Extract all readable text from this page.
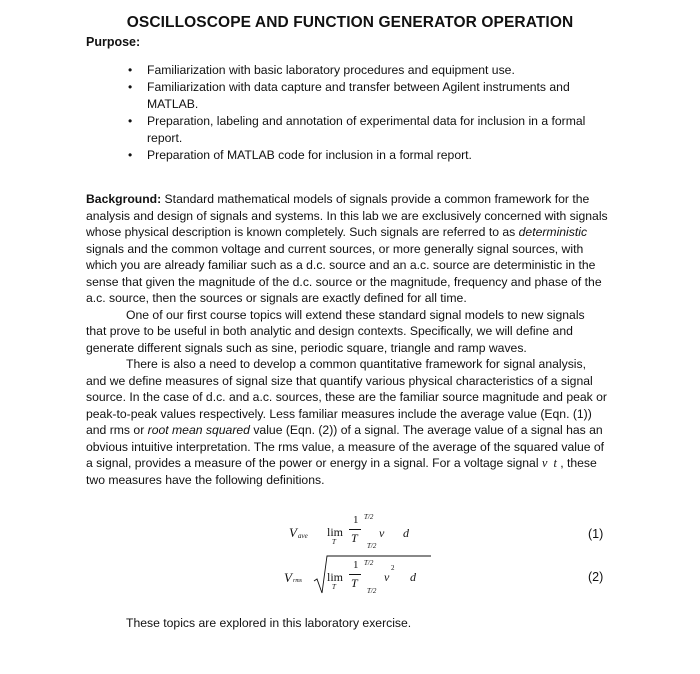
OSCILLOSCOPE AND FUNCTION GENERATOR OPERATION
Purpose:
• Familiarization with basic laboratory procedures and equipment use.
• Familiarization with data capture and transfer between Agilent instruments and MATLAB.
• Preparation, labeling and annotation of experimental data for inclusion in a formal report.
• Preparation of MATLAB code for inclusion in a formal report.

Background: Standard mathematical models of signals provide a common framework for the analysis and design of signals and systems. In this lab we are exclusively concerned with signals whose physical description is known completely. Such signals are referred to as deterministic signals and the common voltage and current sources, or more generally signal sources, with which you are already familiar such as a d.c. source and an a.c. source are deterministic in the sense that given the magnitude of the d.c. source or the magnitude, frequency and phase of the a.c. source, then the sources or signals are exactly defined for all time.

One of our first course topics will extend these standard signal models to new signals that prove to be useful in both analytic and design contexts. Specifically, we will define and generate different signals such as sine, periodic square, triangle and ramp waves.

There is also a need to develop a common quantitative framework for signal analysis, and we define measures of signal size that quantify various physical characteristics of a signal source. In the case of d.c. and a.c. sources, these are the familiar source magnitude and peak or peak-to-peak values respectively. Less familiar measures include the average value (Eqn. (1)) and rms or root mean squared value (Eqn. (2)) of a signal. The average value of a signal has an obvious intuitive interpretation. The rms value, a measure of the average of the squared value of a signal, provides a measure of the power or energy in a signal. For a voltage signal v  t , these two measures have the following definitions.

V ave lim
T
1
T
T/2
T/2
v d	(1)
V rms lim
T
1
T
T/2
T/2
v
2
d	(2)
These topics are explored in this laboratory exercise.
